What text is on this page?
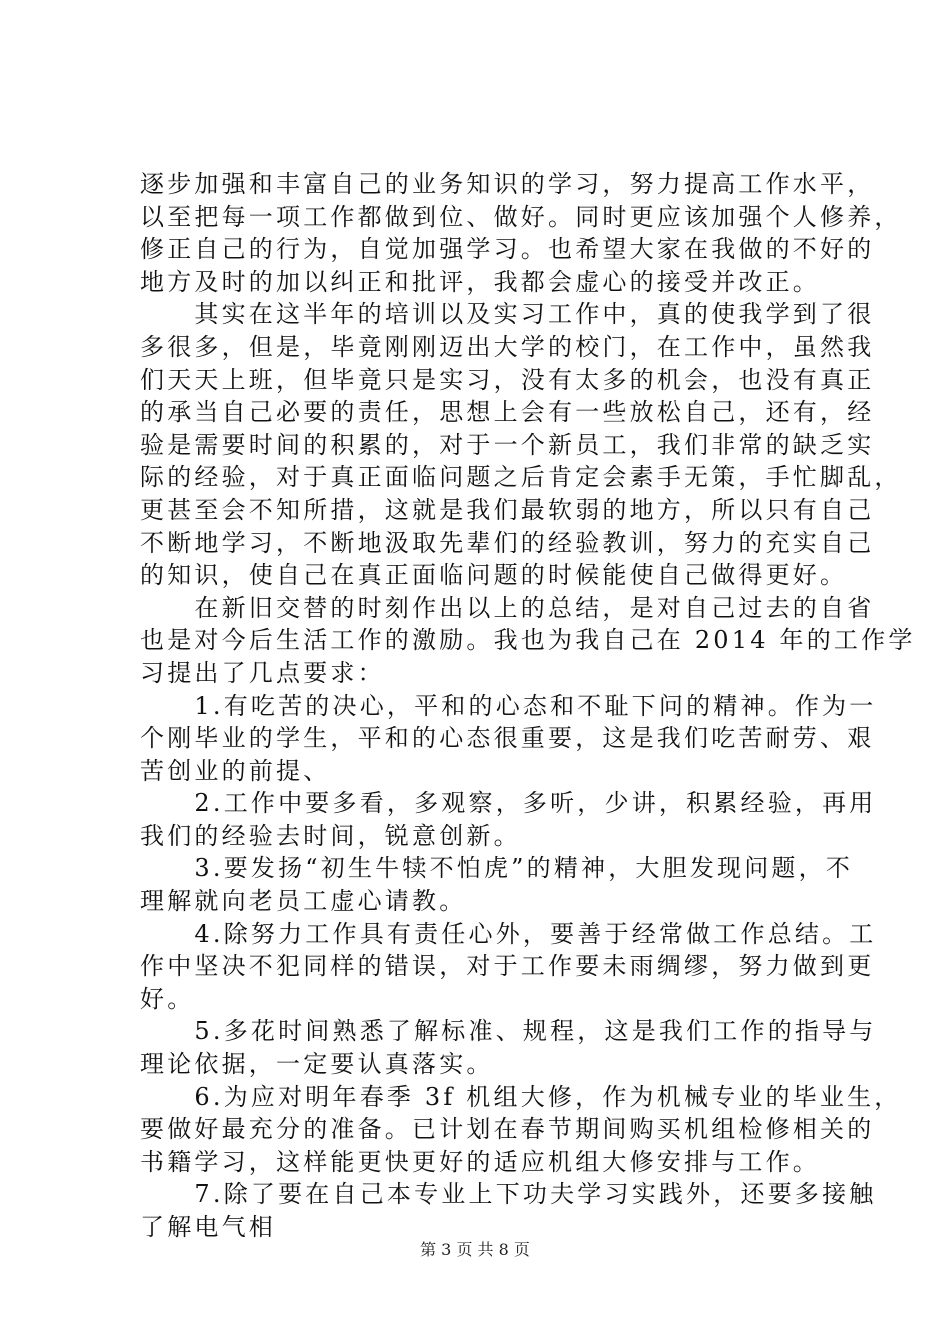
逐步加强和丰富自己的业务知识的学习，努力提高工作水平，
以至把每一项工作都做到位、做好。同时更应该加强个人修养，
修正自己的行为，自觉加强学习。也希望大家在我做的不好的
地方及时的加以纠正和批评，我都会虚心的接受并改正。
　　其实在这半年的培训以及实习工作中，真的使我学到了很
多很多，但是，毕竟刚刚迈出大学的校门，在工作中，虽然我
们天天上班，但毕竟只是实习，没有太多的机会，也没有真正
的承当自己必要的责任，思想上会有一些放松自己，还有，经
验是需要时间的积累的，对于一个新员工，我们非常的缺乏实
际的经验，对于真正面临问题之后肯定会素手无策，手忙脚乱，
更甚至会不知所措，这就是我们最软弱的地方，所以只有自己
不断地学习，不断地汲取先辈们的经验教训，努力的充实自己
的知识，使自己在真正面临问题的时候能使自己做得更好。
　　在新旧交替的时刻作出以上的总结，是对自己过去的自省
也是对今后生活工作的激励。我也为我自己在 2014 年的工作学
习提出了几点要求：
　　1.有吃苦的决心，平和的心态和不耻下问的精神。作为一
个刚毕业的学生，平和的心态很重要，这是我们吃苦耐劳、艰
苦创业的前提、
　　2.工作中要多看，多观察，多听，少讲，积累经验，再用
我们的经验去时间，锐意创新。
　　3.要发扬“初生牛犊不怕虎”的精神，大胆发现问题，不
理解就向老员工虚心请教。
　　4.除努力工作具有责任心外，要善于经常做工作总结。工
作中坚决不犯同样的错误，对于工作要未雨绸缪，努力做到更
好。
　　5.多花时间熟悉了解标准、规程，这是我们工作的指导与
理论依据，一定要认真落实。
　　6.为应对明年春季 3f 机组大修，作为机械专业的毕业生，
要做好最充分的准备。已计划在春节期间购买机组检修相关的
书籍学习，这样能更快更好的适应机组大修安排与工作。
　　7.除了要在自己本专业上下功夫学习实践外，还要多接触
了解电气相
第 3 页 共 8 页
